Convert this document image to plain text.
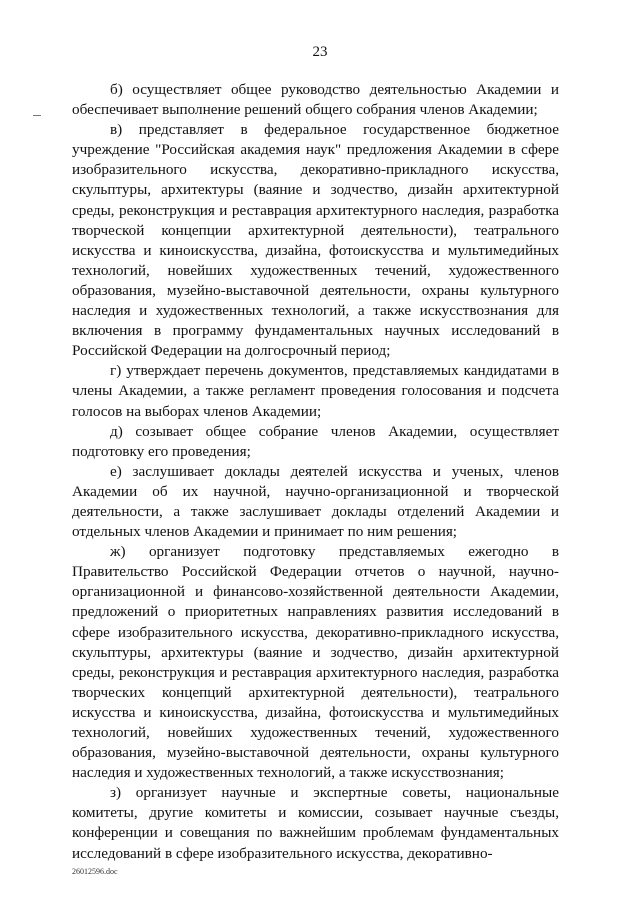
23

б) осуществляет общее руководство деятельностью Академии и обеспечивает выполнение решений общего собрания членов Академии;

в) представляет в федеральное государственное бюджетное учреждение "Российская академия наук" предложения Академии в сфере изобразительного искусства, декоративно-прикладного искусства, скульптуры, архитектуры (ваяние и зодчество, дизайн архитектурной среды, реконструкция и реставрация архитектурного наследия, разработка творческой концепции архитектурной деятельности), театрального искусства и киноискусства, дизайна, фотоискусства и мультимедийных технологий, новейших художественных течений, художественного образования, музейно-выставочной деятельности, охраны культурного наследия и художественных технологий, а также искусствознания для включения в программу фундаментальных научных исследований в Российской Федерации на долгосрочный период;

г) утверждает перечень документов, представляемых кандидатами в члены Академии, а также регламент проведения голосования и подсчета голосов на выборах членов Академии;

д) созывает общее собрание членов Академии, осуществляет подготовку его проведения;

е) заслушивает доклады деятелей искусства и ученых, членов Академии об их научной, научно-организационной и творческой деятельности, а также заслушивает доклады отделений Академии и отдельных членов Академии и принимает по ним решения;

ж) организует подготовку представляемых ежегодно в Правительство Российской Федерации отчетов о научной, научно-организационной и финансово-хозяйственной деятельности Академии, предложений о приоритетных направлениях развития исследований в сфере изобразительного искусства, декоративно-прикладного искусства, скульптуры, архитектуры (ваяние и зодчество, дизайн архитектурной среды, реконструкция и реставрация архитектурного наследия, разработка творческих концепций архитектурной деятельности), театрального искусства и киноискусства, дизайна, фотоискусства и мультимедийных технологий, новейших художественных течений, художественного образования, музейно-выставочной деятельности, охраны культурного наследия и художественных технологий, а также искусствознания;

з) организует научные и экспертные советы, национальные комитеты, другие комитеты и комиссии, созывает научные съезды, конференции и совещания по важнейшим проблемам фундаментальных исследований в сфере изобразительного искусства, декоративно-

26012596.doc
